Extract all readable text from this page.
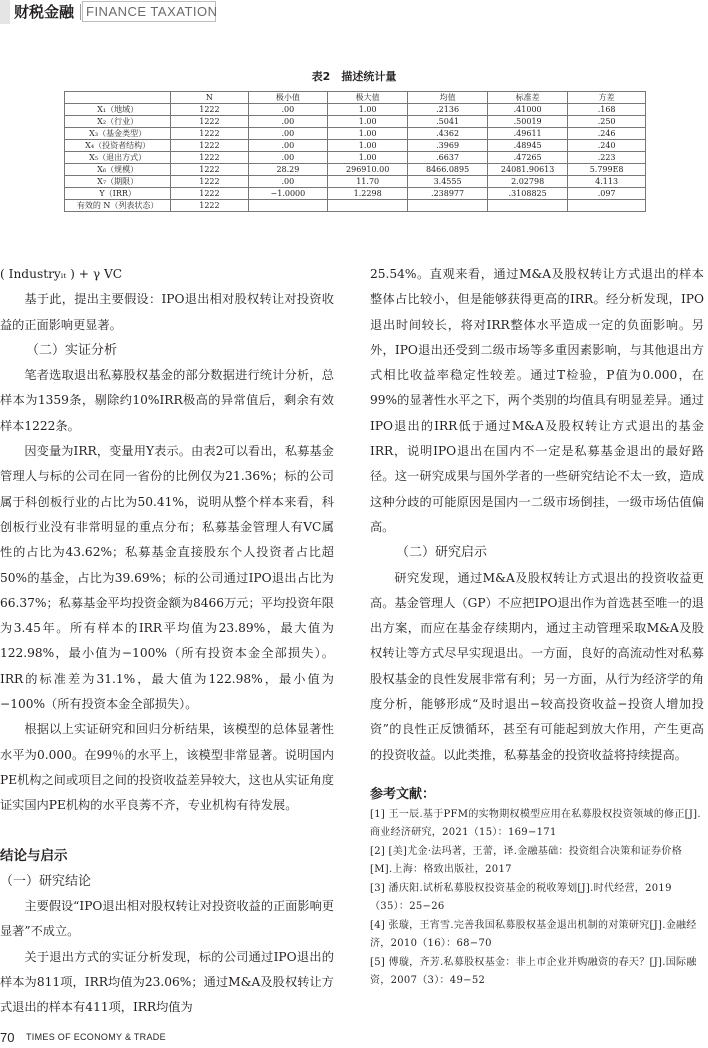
财税金融 FINANCE TAXATION
表2　描述统计量
	N	极小值	极大值	均值	标准差	方差
X₁（地域）	1222	.00	1.00	.2136	.41000	.168
X₂（行业）	1222	.00	1.00	.5041	.50019	.250
X₃（基金类型）	1222	.00	1.00	.4362	.49611	.246
X₄（投资者结构）	1222	.00	1.00	.3969	.48945	.240
X₅（退出方式）	1222	.00	1.00	.6637	.47265	.223
X₆（规模）	1222	28.29	296910.00	8466.0895	24081.90613	5.799E8
X₇（期限）	1222	.00	11.70	3.4555	2.02798	4.113
Y（IRR）	1222	−1.0000	1.2298	.238977	.3108825	.097
有效的 N（列表状态）	1222					

( Industryᵢₜ ) + γ VC

基于此，提出主要假设：IPO退出相对股权转让对投资收益的正面影响更显著。

（二）实证分析

笔者选取退出私募股权基金的部分数据进行统计分析，总样本为1359条，剔除约10%IRR极高的异常值后，剩余有效样本1222条。

因变量为IRR，变量用Y表示。由表2可以看出，私募基金管理人与标的公司在同一省份的比例仅为21.36%；标的公司属于科创板行业的占比为50.41%，说明从整个样本来看，科创板行业没有非常明显的重点分布；私募基金管理人有VC属性的占比为43.62%；私募基金直接股东个人投资者占比超50%的基金，占比为39.69%；标的公司通过IPO退出占比为66.37%；私募基金平均投资金额为8466万元；平均投资年限为3.45年。所有样本的IRR平均值为23.89%，最大值为122.98%，最小值为−100%（所有投资本金全部损失）。IRR的标准差为31.1%，最大值为122.98%，最小值为−100%（所有投资本金全部损失）。

根据以上实证研究和回归分析结果，该模型的总体显著性水平为0.000。在99％的水平上，该模型非常显著。说明国内PE机构之间或项目之间的投资收益差异较大，这也从实证角度证实国内PE机构的水平良莠不齐，专业机构有待发展。

结论与启示

（一）研究结论

主要假设“IPO退出相对股权转让对投资收益的正面影响更显著”不成立。

关于退出方式的实证分析发现，标的公司通过IPO退出的样本为811项，IRR均值为23.06%；通过M&A及股权转让方式退出的样本有411项，IRR均值为

25.54%。直观来看，通过M&A及股权转让方式退出的样本整体占比较小，但是能够获得更高的IRR。经分析发现，IPO退出时间较长，将对IRR整体水平造成一定的负面影响。另外，IPO退出还受到二级市场等多重因素影响，与其他退出方式相比收益率稳定性较差。通过T检验，P值为0.000，在99%的显著性水平之下，两个类别的均值具有明显差异。通过IPO退出的IRR低于通过M&A及股权转让方式退出的基金IRR，说明IPO退出在国内不一定是私募基金退出的最好路径。这一研究成果与国外学者的一些研究结论不太一致，造成这种分歧的可能原因是国内一二级市场倒挂，一级市场估值偏高。

（二）研究启示

研究发现，通过M&A及股权转让方式退出的投资收益更高。基金管理人（GP）不应把IPO退出作为首选甚至唯一的退出方案，而应在基金存续期内，通过主动管理采取M&A及股权转让等方式尽早实现退出。一方面，良好的高流动性对私募股权基金的良性发展非常有利；另一方面，从行为经济学的角度分析，能够形成“及时退出−较高投资收益−投资人增加投资”的良性正反馈循环，甚至有可能起到放大作用，产生更高的投资收益。以此类推，私募基金的投资收益将持续提高。

参考文献：

[1] 王一辰.基于PFM的实物期权模型应用在私募股权投资领域的修正[J].商业经济研究，2021（15）：169−171

[2] [美]尤金·法玛著，王蕾，译.金融基础：投资组合决策和证券价格[M].上海：格致出版社，2017

[3] 潘庆阳.试析私募股权投资基金的税收筹划[J].时代经营，2019（35）：25−26

[4] 张璇，王宵雪.完善我国私募股权基金退出机制的对策研究[J].金融经济，2010（16）：68−70

[5] 傅璇，齐芳.私募股权基金：非上市企业并购融资的春天？[J].国际融资，2007（3）：49−52

70 TIMES OF ECONOMY & TRADE
